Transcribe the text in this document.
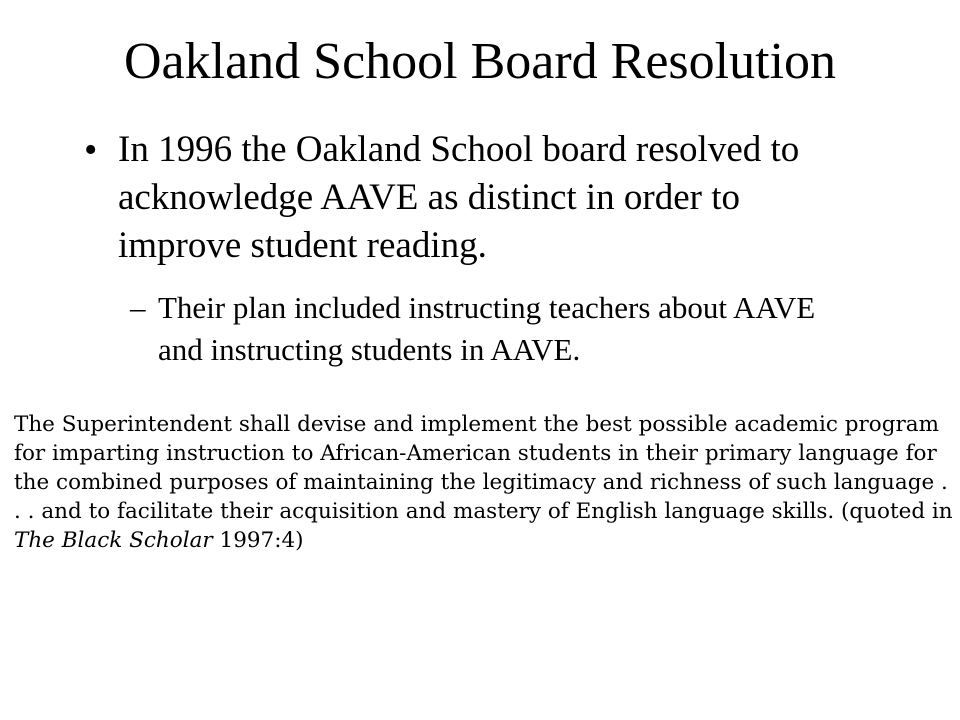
Oakland School Board Resolution
• In 1996 the Oakland School board resolved to acknowledge AAVE as distinct in order to improve student reading.
– Their plan included instructing teachers about AAVE and instructing students in AAVE.
The Superintendent shall devise and implement the best possible academic program for imparting instruction to African-American students in their primary language for the combined purposes of maintaining the legitimacy and richness of such language . . . and to facilitate their acquisition and mastery of English language skills. (quoted in The Black Scholar 1997:4)
